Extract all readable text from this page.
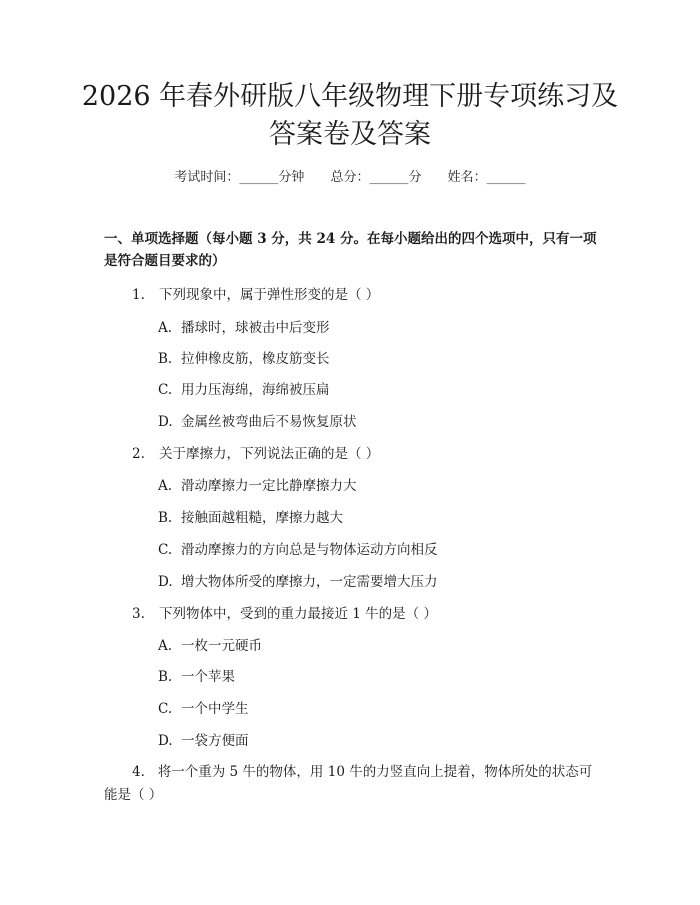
2026 年春外研版八年级物理下册专项练习及
答案卷及答案
考试时间：______分钟 总分：______分 姓名：______
一、单项选择题（每小题 3 分，共 24 分。在每小题给出的四个选项中，只有一项是符合题目要求的）
1. 下列现象中，属于弹性形变的是（ ）
A. 播球时，球被击中后变形
B. 拉伸橡皮筋，橡皮筋变长
C. 用力压海绵，海绵被压扁
D. 金属丝被弯曲后不易恢复原状
2. 关于摩擦力，下列说法正确的是（ ）
A. 滑动摩擦力一定比静摩擦力大
B. 接触面越粗糙，摩擦力越大
C. 滑动摩擦力的方向总是与物体运动方向相反
D. 增大物体所受的摩擦力，一定需要增大压力
3. 下列物体中，受到的重力最接近 1 牛的是（ ）
A. 一枚一元硬币
B. 一个苹果
C. 一个中学生
D. 一袋方便面
4. 将一个重为 5 牛的物体，用 10 牛的力竖直向上提着，物体所处的状态可能是（ ）
